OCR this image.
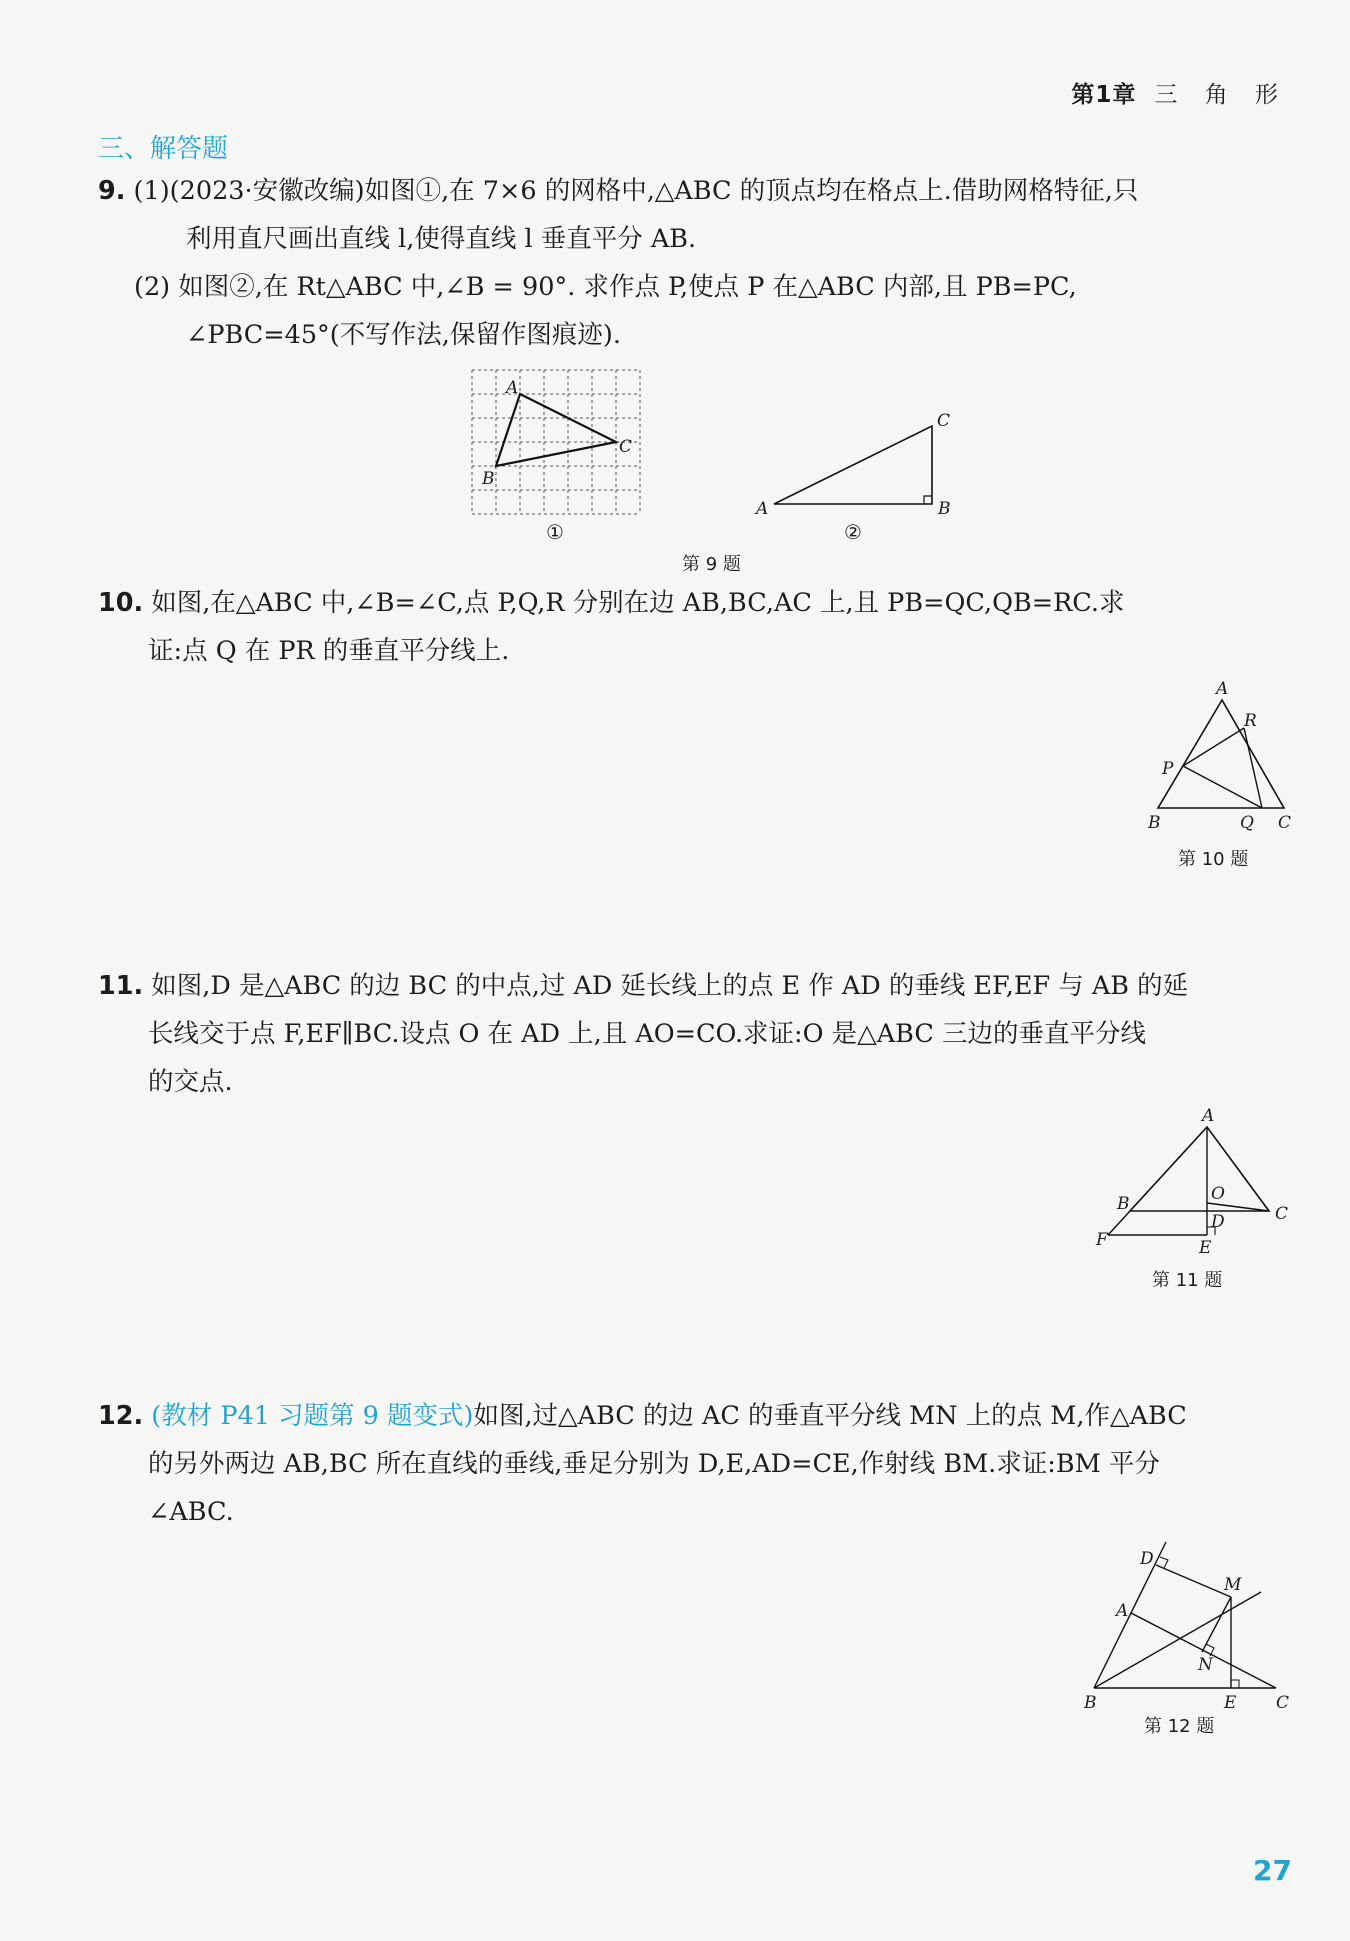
第1章 三 角 形
三、解答题
9. (1)(2023·安徽改编)如图①,在 7×6 的网格中,△ABC 的顶点均在格点上.借助网格特征,只
利用直尺画出直线 l,使得直线 l 垂直平分 AB.
(2) 如图②,在 Rt△ABC 中,∠B = 90°. 求作点 P,使点 P 在△ABC 内部,且 PB=PC,
∠PBC=45°(不写作法,保留作图痕迹).
A
C
B
①
A	B
C
②
第 9 题
10. 如图,在△ABC 中,∠B=∠C,点 P,Q,R 分别在边 AB,BC,AC 上,且 PB=QC,QB=RC.求
证:点 Q 在 PR 的垂直平分线上.
A
R
P
B	Q C
第 10 题
11. 如图,D 是△ABC 的边 BC 的中点,过 AD 延长线上的点 E 作 AD 的垂线 EF,EF 与 AB 的延
长线交于点 F,EF∥BC.设点 O 在 AD 上,且 AO=CO.求证:O 是△ABC 三边的垂直平分线
的交点.
A
O
B
D	C
F	E
第 11 题
12. (教材 P41 习题第 9 题变式)如图,过△ABC 的边 AC 的垂直平分线 MN 上的点 M,作△ABC
的另外两边 AB,BC 所在直线的垂线,垂足分别为 D,E,AD=CE,作射线 BM.求证:BM 平分
∠ABC.
D
A
M
N
B	E C
第 12 题
27
